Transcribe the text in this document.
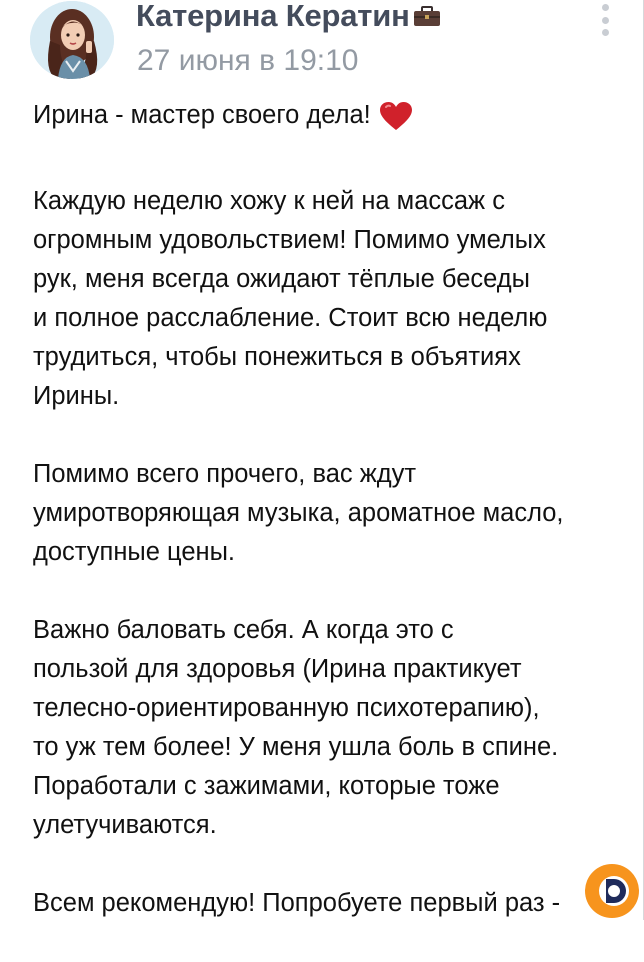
Катерина Кератин
27 июня в 19:10

Ирина - мастер своего дела!

Каждую неделю хожу к ней на массаж с
огромным удовольствием! Помимо умелых
рук, меня всегда ожидают тёплые беседы
и полное расслабление. Стоит всю неделю
трудиться, чтобы понежиться в объятиях
Ирины.

Помимо всего прочего, вас ждут
умиротворяющая музыка, ароматное масло,
доступные цены.

Важно баловать себя. А когда это с
пользой для здоровья (Ирина практикует
телесно-ориентированную психотерапию),
то уж тем более! У меня ушла боль в спине.
Поработали с зажимами, которые тоже
улетучиваются.

Всем рекомендую! Попробуете первый раз -
